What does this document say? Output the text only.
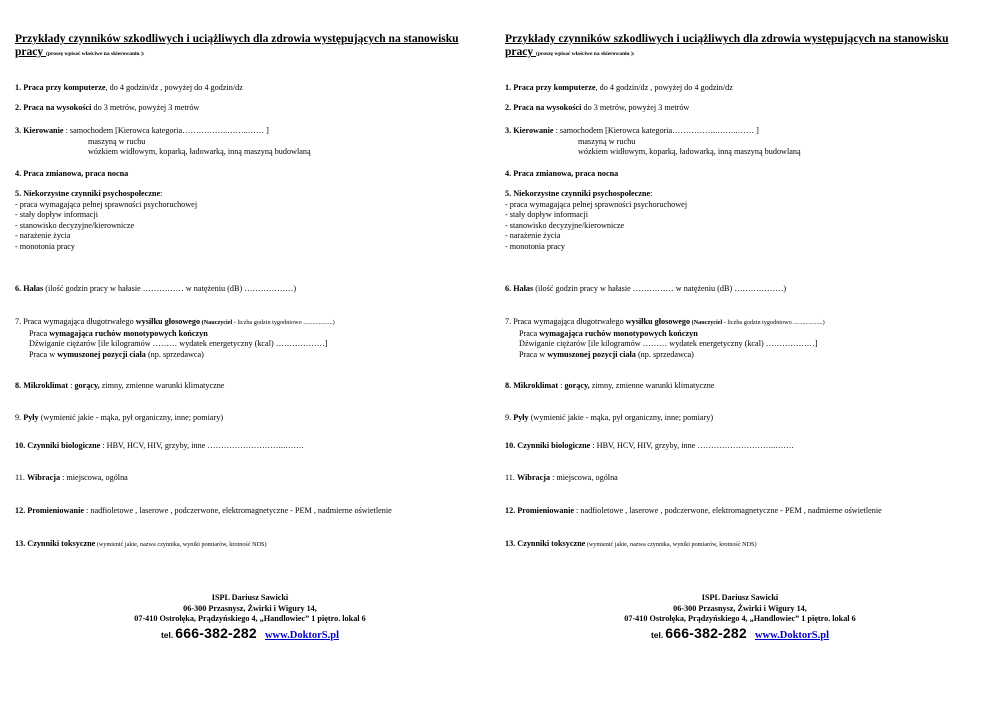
Przykłady czynników szkodliwych i uciążliwych dla zdrowia występujących na stanowisku pracy (proszę wpisać właściwe na skierowaniu ):
1. Praca przy komputerze, do 4 godzin/dz , powyżej do 4 godzin/dz
2. Praca na wysokości do 3 metrów, powyżej 3 metrów
3. Kierowanie : samochodem [Kierowca kategoria……………..……..…… ]
maszyną w ruchu
wózkiem widłowym, koparką, ładowarką, inną maszyną budowlaną
4. Praca zmianowa, praca nocna
5. Niekorzystne czynniki psychospołeczne:
- praca wymagająca pełnej sprawności psychoruchowej
- stały dopływ informacji
- stanowisko decyzyjne/kierownicze
- narażenie życia
- monotonia pracy
6. Hałas (ilość godzin pracy w hałasie …………… w natężeniu (dB) ………………)
7. Praca wymagająca długotrwałego wysiłku głosowego (Nauczyciel - liczba godzin tygodniowo ...................)
Praca wymagająca ruchów monotypowych kończyn
Dźwiganie ciężarów [ile kilogramów ……… wydatek energetyczny (kcal) ………………]
Praca w wymuszonej pozycji ciała (np. sprzedawca)
8. Mikroklimat : gorący, zimny, zmienne warunki klimatyczne
9. Pyły (wymienić jakie - mąka, pył organiczny, inne; pomiary)
10. Czynniki biologiczne : HBV, HCV, HIV, grzyby, inne ………………………..…….
11. Wibracja : miejscowa, ogólna
12. Promieniowanie : nadfioletowe , laserowe , podczerwone, elektromagnetyczne - PEM , nadmierne oświetlenie
13. Czynniki toksyczne (wymienić jakie, nazwa czynnika, wyniki pomiarów, krotność NDS)
ISPL Dariusz Sawicki
06-300 Przasnysz, Żwirki i Wigury 14,
07-410 Ostrołęka, Prądzyńskiego 4, „Handlowiec” 1 piętro. lokal 6
tel. 666-382-282 www.DoktorS.pl
Przykłady czynników szkodliwych i uciążliwych dla zdrowia występujących na stanowisku pracy (proszę wpisać właściwe na skierowaniu ):
1. Praca przy komputerze, do 4 godzin/dz , powyżej do 4 godzin/dz
2. Praca na wysokości do 3 metrów, powyżej 3 metrów
3. Kierowanie : samochodem [Kierowca kategoria……………..……..…… ]
maszyną w ruchu
wózkiem widłowym, koparką, ładowarką, inną maszyną budowlaną
4. Praca zmianowa, praca nocna
5. Niekorzystne czynniki psychospołeczne:
- praca wymagająca pełnej sprawności psychoruchowej
- stały dopływ informacji
- stanowisko decyzyjne/kierownicze
- narażenie życia
- monotonia pracy
6. Hałas (ilość godzin pracy w hałasie …………… w natężeniu (dB) ………………)
7. Praca wymagająca długotrwałego wysiłku głosowego (Nauczyciel - liczba godzin tygodniowo ...................)
Praca wymagająca ruchów monotypowych kończyn
Dźwiganie ciężarów [ile kilogramów ……… wydatek energetyczny (kcal) ………………]
Praca w wymuszonej pozycji ciała (np. sprzedawca)
8. Mikroklimat : gorący, zimny, zmienne warunki klimatyczne
9. Pyły (wymienić jakie - mąka, pył organiczny, inne; pomiary)
10. Czynniki biologiczne : HBV, HCV, HIV, grzyby, inne ………………………..…….
11. Wibracja : miejscowa, ogólna
12. Promieniowanie : nadfioletowe , laserowe , podczerwone, elektromagnetyczne - PEM , nadmierne oświetlenie
13. Czynniki toksyczne (wymienić jakie, nazwa czynnika, wyniki pomiarów, krotność NDS)
ISPL Dariusz Sawicki
06-300 Przasnysz, Żwirki i Wigury 14,
07-410 Ostrołęka, Prądzyńskiego 4, „Handlowiec” 1 piętro. lokal 6
tel. 666-382-282 www.DoktorS.pl
